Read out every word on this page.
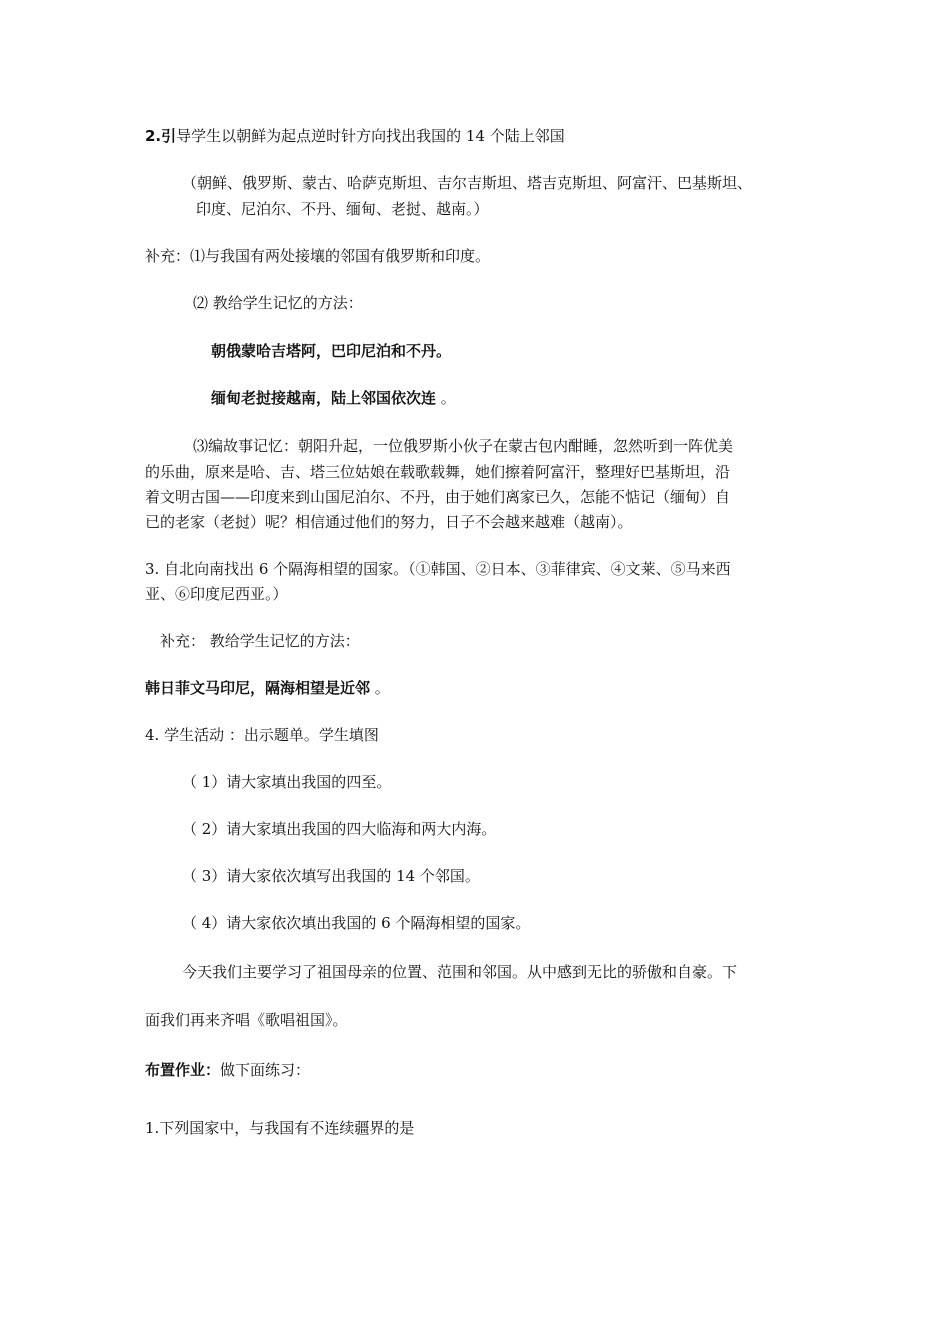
2.引导学生以朝鲜为起点逆时针方向找出我国的 14 个陆上邻国
（朝鲜、俄罗斯、蒙古、哈萨克斯坦、吉尔吉斯坦、塔吉克斯坦、阿富汗、巴基斯坦、
印度、尼泊尔、不丹、缅甸、老挝、越南。）
补充：⑴与我国有两处接壤的邻国有俄罗斯和印度。
⑵ 教给学生记忆的方法：
朝俄蒙哈吉塔阿，巴印尼泊和不丹。
缅甸老挝接越南，陆上邻国依次连 。
⑶编故事记忆：朝阳升起，一位俄罗斯小伙子在蒙古包内酣睡，忽然听到一阵优美
的乐曲，原来是哈、吉、塔三位姑娘在载歌载舞，她们擦着阿富汗，整理好巴基斯坦，沿
着文明古国——印度来到山国尼泊尔、不丹，由于她们离家已久，怎能不惦记（缅甸）自
已的老家（老挝）呢？相信通过他们的努力，日子不会越来越难（越南）。
3. 自北向南找出 6 个隔海相望的国家。（①韩国、②日本、③菲律宾、④文莱、⑤马来西
亚、⑥印度尼西亚。）
补充： 教给学生记忆的方法：
韩日菲文马印尼，隔海相望是近邻 。
4. 学生活动 ：出示题单。学生填图
（ 1）请大家填出我国的四至。
（ 2）请大家填出我国的四大临海和两大内海。
（ 3）请大家依次填写出我国的 14 个邻国。
（ 4）请大家依次填出我国的 6 个隔海相望的国家。
今天我们主要学习了祖国母亲的位置、范围和邻国。从中感到无比的骄傲和自豪。下
面我们再来齐唱《歌唱祖国》。
布置作业：做下面练习：
1.下列国家中，与我国有不连续疆界的是
